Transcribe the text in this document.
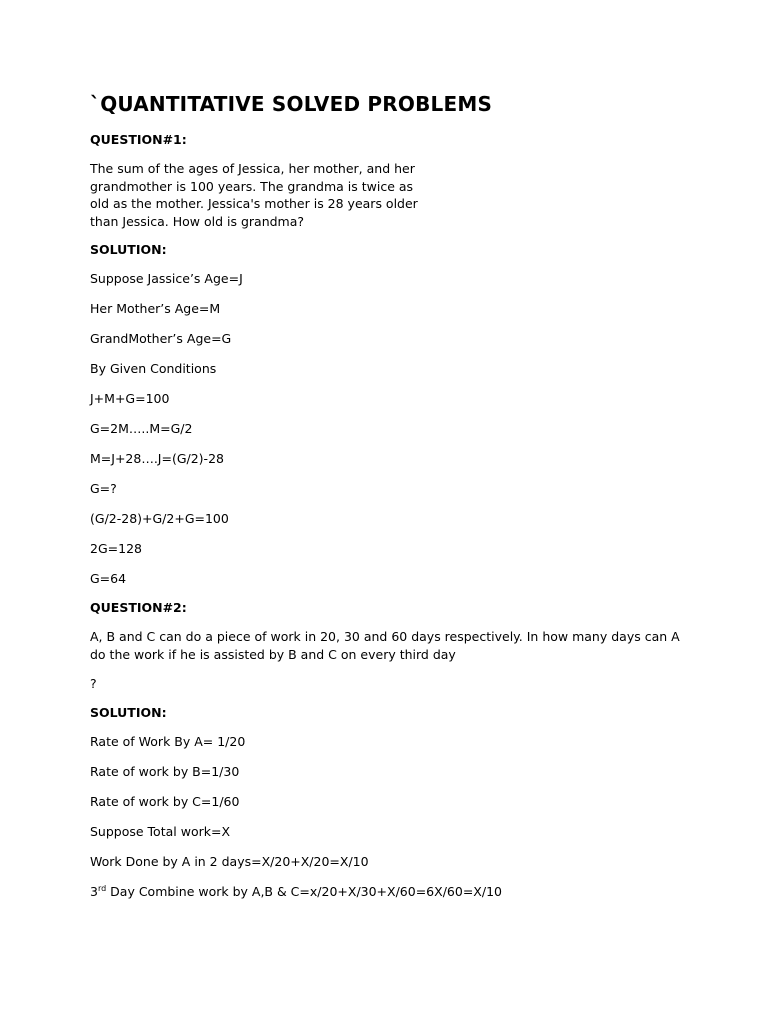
`QUANTITATIVE SOLVED PROBLEMS
QUESTION#1:
The sum of the ages of Jessica, her mother, and her grandmother is 100 years. The grandma is twice as old as the mother. Jessica's mother is 28 years older than Jessica. How old is grandma?
SOLUTION:
Suppose Jassice’s Age=J
Her Mother’s Age=M
GrandMother’s Age=G
By Given Conditions
J+M+G=100
G=2M…..M=G/2
M=J+28….J=(G/2)-28
G=?
(G/2-28)+G/2+G=100
2G=128
G=64
QUESTION#2:
A, B and C can do a piece of work in 20, 30 and 60 days respectively. In how many days can A do the work if he is assisted by B and C on every third day
?
SOLUTION:
Rate of Work By A= 1/20
Rate of work by B=1/30
Rate of work by C=1/60
Suppose Total work=X
Work Done by A in 2 days=X/20+X/20=X/10
3rd Day Combine work by A,B & C=x/20+X/30+X/60=6X/60=X/10
